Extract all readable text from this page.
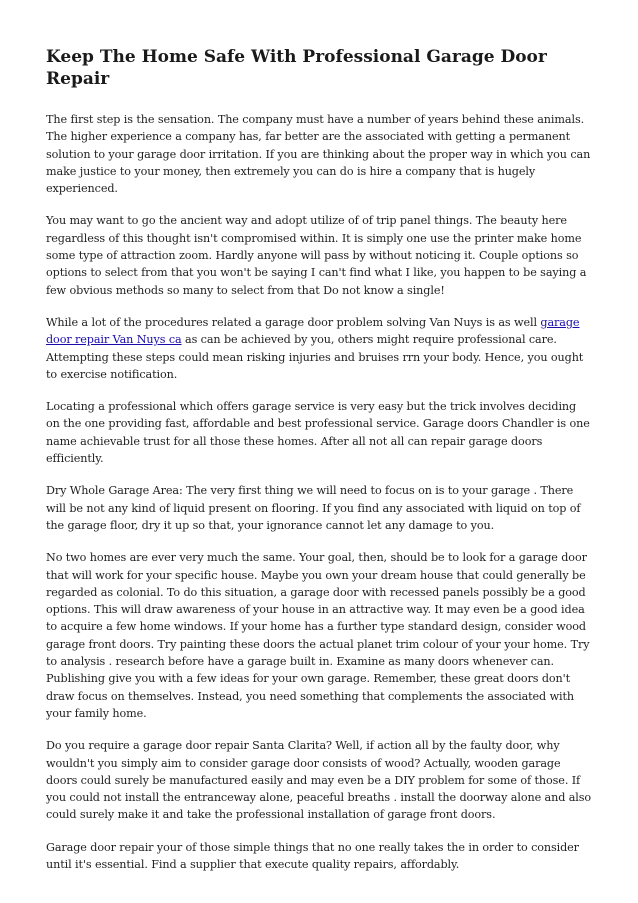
Keep The Home Safe With Professional Garage Door Repair

The first step is the sensation. The company must have a number of years behind these animals. The higher experience a company has, far better are the associated with getting a permanent solution to your garage door irritation. If you are thinking about the proper way in which you can make justice to your money, then extremely you can do is hire a company that is hugely experienced.

You may want to go the ancient way and adopt utilize of of trip panel things. The beauty here regardless of this thought isn't compromised within. It is simply one use the printer make home some type of attraction zoom. Hardly anyone will pass by without noticing it. Couple options so options to select from that you won't be saying I can't find what I like, you happen to be saying a few obvious methods so many to select from that Do not know a single!

While a lot of the procedures related a garage door problem solving Van Nuys is as well garage door repair Van Nuys ca as can be achieved by you, others might require professional care. Attempting these steps could mean risking injuries and bruises rrn your body. Hence, you ought to exercise notification.

Locating a professional which offers garage service is very easy but the trick involves deciding on the one providing fast, affordable and best professional service. Garage doors Chandler is one name achievable trust for all those these homes. After all not all can repair garage doors efficiently.

Dry Whole Garage Area: The very first thing we will need to focus on is to your garage . There will be not any kind of liquid present on flooring. If you find any associated with liquid on top of the garage floor, dry it up so that, your ignorance cannot let any damage to you.

No two homes are ever very much the same. Your goal, then, should be to look for a garage door that will work for your specific house. Maybe you own your dream house that could generally be regarded as colonial. To do this situation, a garage door with recessed panels possibly be a good options. This will draw awareness of your house in an attractive way. It may even be a good idea to acquire a few home windows. If your home has a further type standard design, consider wood garage front doors. Try painting these doors the actual planet trim colour of your your home. Try to analysis . research before have a garage built in. Examine as many doors whenever can. Publishing give you with a few ideas for your own garage. Remember, these great doors don't draw focus on themselves. Instead, you need something that complements the associated with your family home.

Do you require a garage door repair Santa Clarita? Well, if action all by the faulty door, why wouldn't you simply aim to consider garage door consists of wood? Actually, wooden garage doors could surely be manufactured easily and may even be a DIY problem for some of those. If you could not install the entranceway alone, peaceful breaths . install the doorway alone and also could surely make it and take the professional installation of garage front doors.

Garage door repair your of those simple things that no one really takes the in order to consider until it's essential. Find a supplier that execute quality repairs, affordably.
